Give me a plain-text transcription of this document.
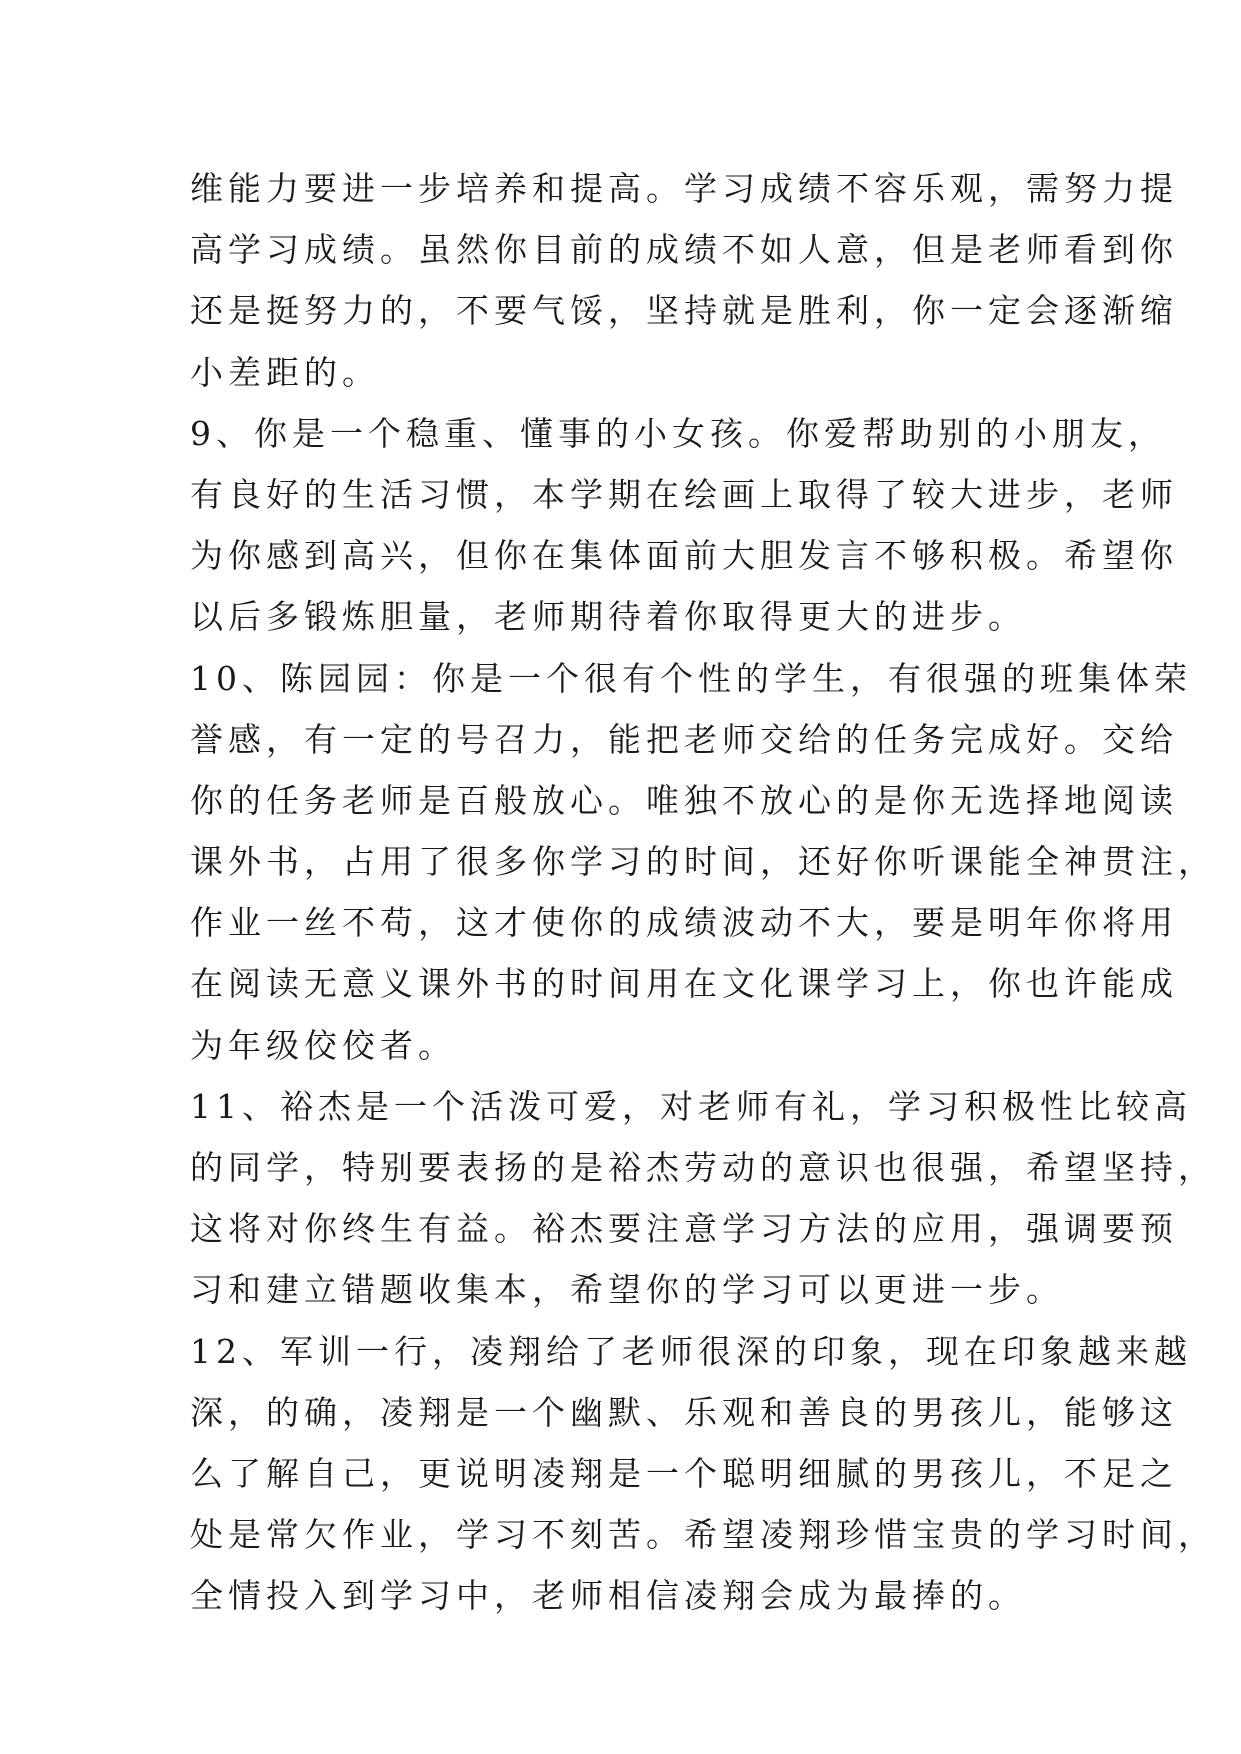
维能力要进一步培养和提高。学习成绩不容乐观，需努力提
高学习成绩。虽然你目前的成绩不如人意，但是老师看到你
还是挺努力的，不要气馁，坚持就是胜利，你一定会逐渐缩
小差距的。
9、你是一个稳重、懂事的小女孩。你爱帮助别的小朋友，
有良好的生活习惯，本学期在绘画上取得了较大进步，老师
为你感到高兴，但你在集体面前大胆发言不够积极。希望你
以后多锻炼胆量，老师期待着你取得更大的进步。
10、陈园园：你是一个很有个性的学生，有很强的班集体荣
誉感，有一定的号召力，能把老师交给的任务完成好。交给
你的任务老师是百般放心。唯独不放心的是你无选择地阅读
课外书，占用了很多你学习的时间，还好你听课能全神贯注，
作业一丝不苟，这才使你的成绩波动不大，要是明年你将用
在阅读无意义课外书的时间用在文化课学习上，你也许能成
为年级佼佼者。
11、裕杰是一个活泼可爱，对老师有礼，学习积极性比较高
的同学，特别要表扬的是裕杰劳动的意识也很强，希望坚持，
这将对你终生有益。裕杰要注意学习方法的应用，强调要预
习和建立错题收集本，希望你的学习可以更进一步。
12、军训一行，凌翔给了老师很深的印象，现在印象越来越
深，的确，凌翔是一个幽默、乐观和善良的男孩儿，能够这
么了解自己，更说明凌翔是一个聪明细腻的男孩儿，不足之
处是常欠作业，学习不刻苦。希望凌翔珍惜宝贵的学习时间，
全情投入到学习中，老师相信凌翔会成为最捧的。
